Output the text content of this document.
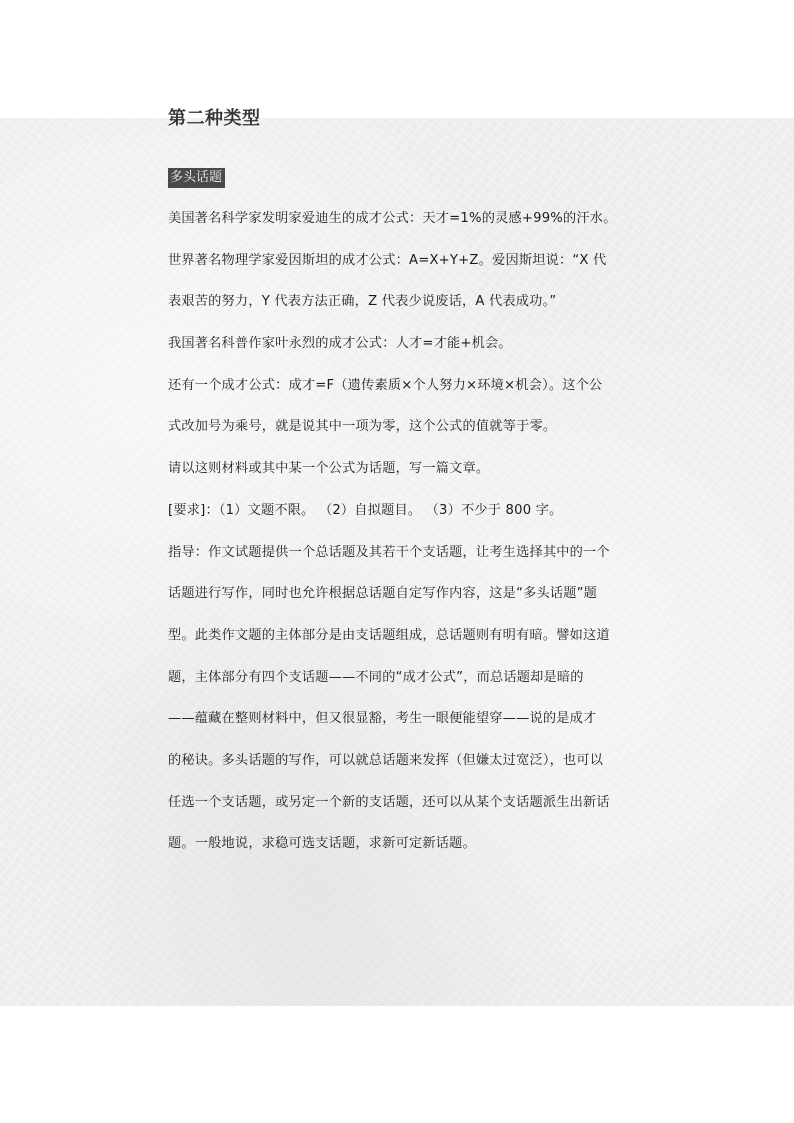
第二种类型
多头话题

美国著名科学家发明家爱迪生的成才公式：天才=1%的灵感+99%的汗水。

世界著名物理学家爱因斯坦的成才公式：A=X+Y+Z。爱因斯坦说：“X 代
表艰苦的努力，Y 代表方法正确，Z 代表少说废话，A 代表成功。”

我国著名科普作家叶永烈的成才公式：人才=才能+机会。

还有一个成才公式：成才=F（遗传素质×个人努力×环境×机会）。这个公
式改加号为乘号，就是说其中一项为零，这个公式的值就等于零。

请以这则材料或其中某一个公式为话题，写一篇文章。

[要求]：（1）文题不限。 （2）自拟题目。 （3）不少于 800 字。

指导：作文试题提供一个总话题及其若干个支话题，让考生选择其中的一个
话题进行写作，同时也允许根据总话题自定写作内容，这是“多头话题”题
型。此类作文题的主体部分是由支话题组成，总话题则有明有暗。譬如这道
题，主体部分有四个支话题——不同的“成才公式”，而总话题却是暗的
——蕴藏在整则材料中，但又很显豁，考生一眼便能望穿——说的是成才
的秘诀。多头话题的写作，可以就总话题来发挥（但嫌太过宽泛），也可以
任选一个支话题，或另定一个新的支话题，还可以从某个支话题派生出新话
题。一般地说，求稳可选支话题，求新可定新话题。
